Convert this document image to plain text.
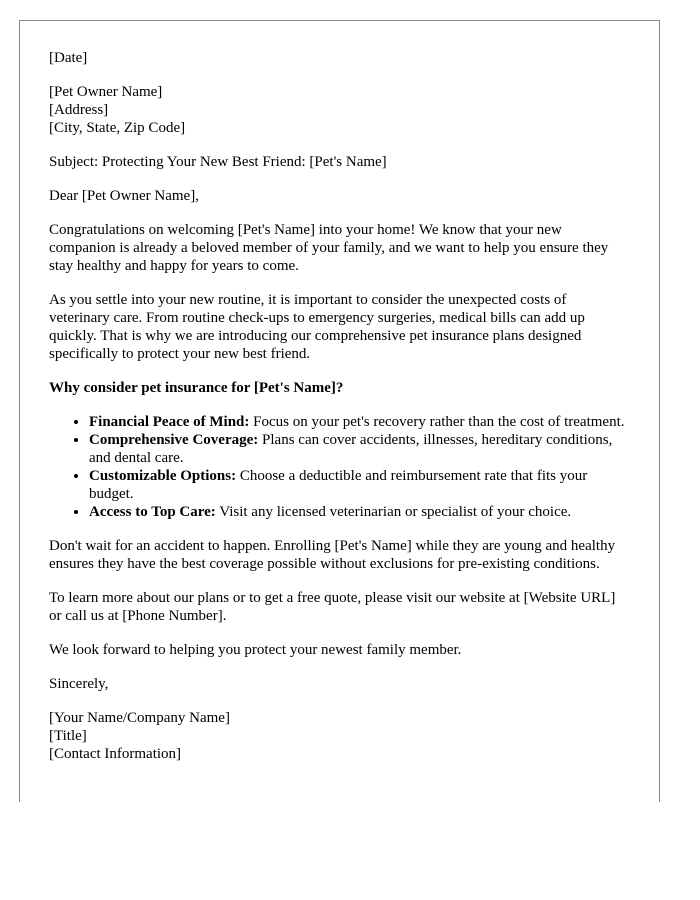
[Date]

[Pet Owner Name]
[Address]
[City, State, Zip Code]

Subject: Protecting Your New Best Friend: [Pet's Name]

Dear [Pet Owner Name],

Congratulations on welcoming [Pet's Name] into your home! We know that your new companion is already a beloved member of your family, and we want to help you ensure they stay healthy and happy for years to come.

As you settle into your new routine, it is important to consider the unexpected costs of veterinary care. From routine check-ups to emergency surgeries, medical bills can add up quickly. That is why we are introducing our comprehensive pet insurance plans designed specifically to protect your new best friend.

Why consider pet insurance for [Pet's Name]?

• Financial Peace of Mind: Focus on your pet's recovery rather than the cost of treatment.
• Comprehensive Coverage: Plans can cover accidents, illnesses, hereditary conditions, and dental care.
• Customizable Options: Choose a deductible and reimbursement rate that fits your budget.
• Access to Top Care: Visit any licensed veterinarian or specialist of your choice.

Don't wait for an accident to happen. Enrolling [Pet's Name] while they are young and healthy ensures they have the best coverage possible without exclusions for pre-existing conditions.

To learn more about our plans or to get a free quote, please visit our website at [Website URL] or call us at [Phone Number].

We look forward to helping you protect your newest family member.

Sincerely,

[Your Name/Company Name]
[Title]
[Contact Information]
